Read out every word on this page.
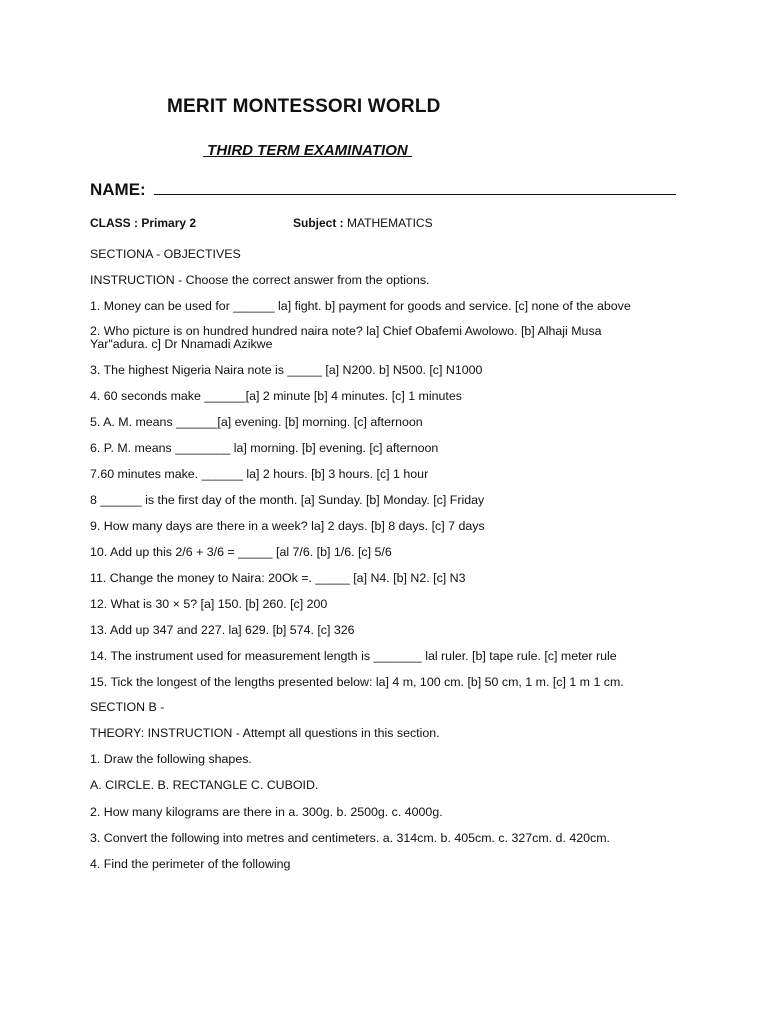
MERIT MONTESSORI WORLD
THIRD TERM EXAMINATION
NAME:
CLASS : Primary 2	Subject : MATHEMATICS
SECTIONA - OBJECTIVES
INSTRUCTION - Choose the correct answer from the options.
1. Money can be used for ______ la] fight. b] payment for goods and service. [c] none of the above
2. Who picture is on hundred hundred naira note? la] Chief Obafemi Awolowo. [b] Alhaji Musa Yar"adura. c] Dr Nnamadi Azikwe
3. The highest Nigeria Naira note is _____ [a] N200. b] N500. [c] N1000
4. 60 seconds make ______[a] 2 minute [b] 4 minutes. [c] 1 minutes
5. A. M. means ______[a] evening. [b] morning. [c] afternoon
6. P. M. means ________ la] morning. [b] evening. [c] afternoon
7.60 minutes make. ______ la] 2 hours. [b] 3 hours. [c] 1 hour
8 ______ is the first day of the month. [a] Sunday. [b] Monday. [c] Friday
9. How many days are there in a week? la] 2 days. [b] 8 days. [c] 7 days
10. Add up this 2/6 + 3/6 = _____ [al 7/6. [b] 1/6. [c] 5/6
11. Change the money to Naira: 20Ok =. _____ [a] N4. [b] N2. [c] N3
12. What is 30 × 5? [a] 150. [b] 260. [c] 200
13. Add up 347 and 227. la] 629. [b] 574. [c] 326
14. The instrument used for measurement length is _______ lal ruler. [b] tape rule. [c] meter rule
15. Tick the longest of the lengths presented below: la] 4 m, 100 cm. [b] 50 cm, 1 m. [c] 1 m 1 cm.
SECTION B -
THEORY: INSTRUCTION - Attempt all questions in this section.
1. Draw the following shapes.
A. CIRCLE. B. RECTANGLE C. CUBOID.
2. How many kilograms are there in a. 300g. b. 2500g. c. 4000g.
3. Convert the following into metres and centimeters. a. 314cm. b. 405cm. c. 327cm. d. 420cm.
4. Find the perimeter of the following
